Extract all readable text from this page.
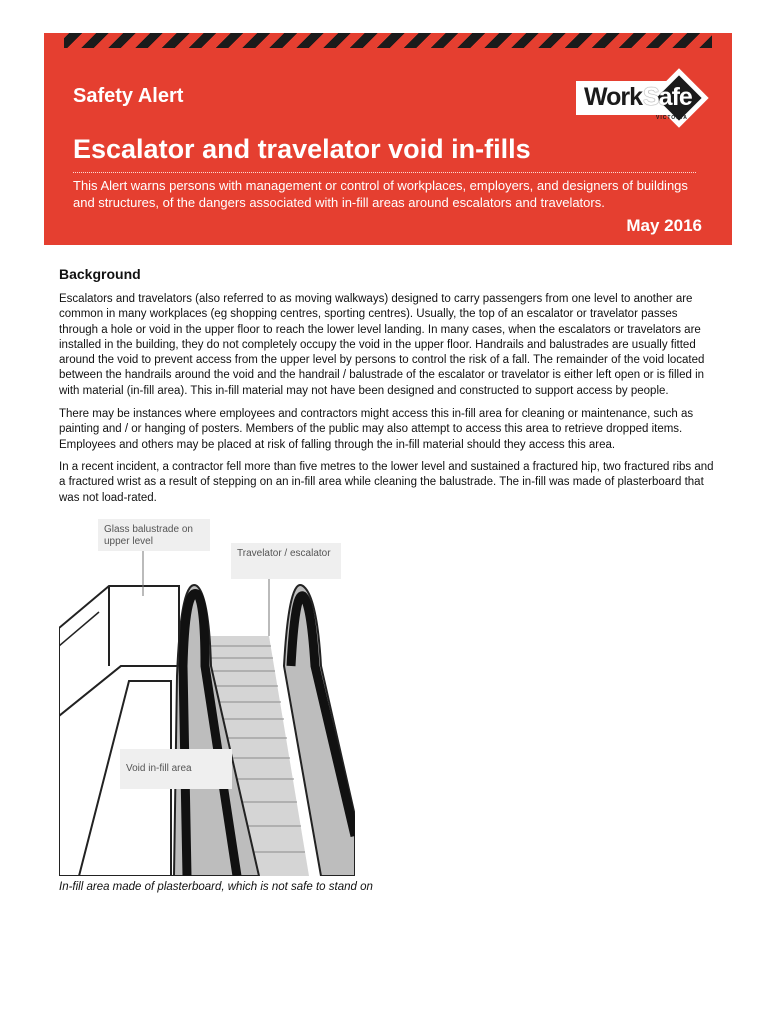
Safety Alert	Work Safe
VICTORIA
Escalator and travelator void in-fills
This Alert warns persons with management or control of workplaces, employers, and designers of buildings and structures, of the dangers associated with in-fill areas around escalators and travelators.
May 2016
Background

Escalators and travelators (also referred to as moving walkways) designed to carry passengers from one level to another are common in many workplaces (eg shopping centres, sporting centres). Usually, the top of an escalator or travelator passes through a hole or void in the upper floor to reach the lower level landing. In many cases, when the escalators or travelators are installed in the building, they do not completely occupy the void in the upper floor. Handrails and balustrades are usually fitted around the void to prevent access from the upper level by persons to control the risk of a fall. The remainder of the void located between the handrails around the void and the handrail / balustrade of the escalator or travelator is either left open or is filled in with material (in-fill area). This in-fill material may not have been designed and constructed to support access by people.

There may be instances where employees and contractors might access this in-fill area for cleaning or maintenance, such as painting and / or hanging of posters. Members of the public may also attempt to access this area to retrieve dropped items. Employees and others may be placed at risk of falling through the in-fill material should they access this area.

In a recent incident, a contractor fell more than five metres to the lower level and sustained a fractured hip, two fractured ribs and a fractured wrist as a result of stepping on an in-fill area while cleaning the balustrade. The in-fill was made of plasterboard that was not load-rated.

Glass balustrade on upper level
Travelator / escalator
Void in-fill area
In-fill area made of plasterboard, which is not safe to stand on
